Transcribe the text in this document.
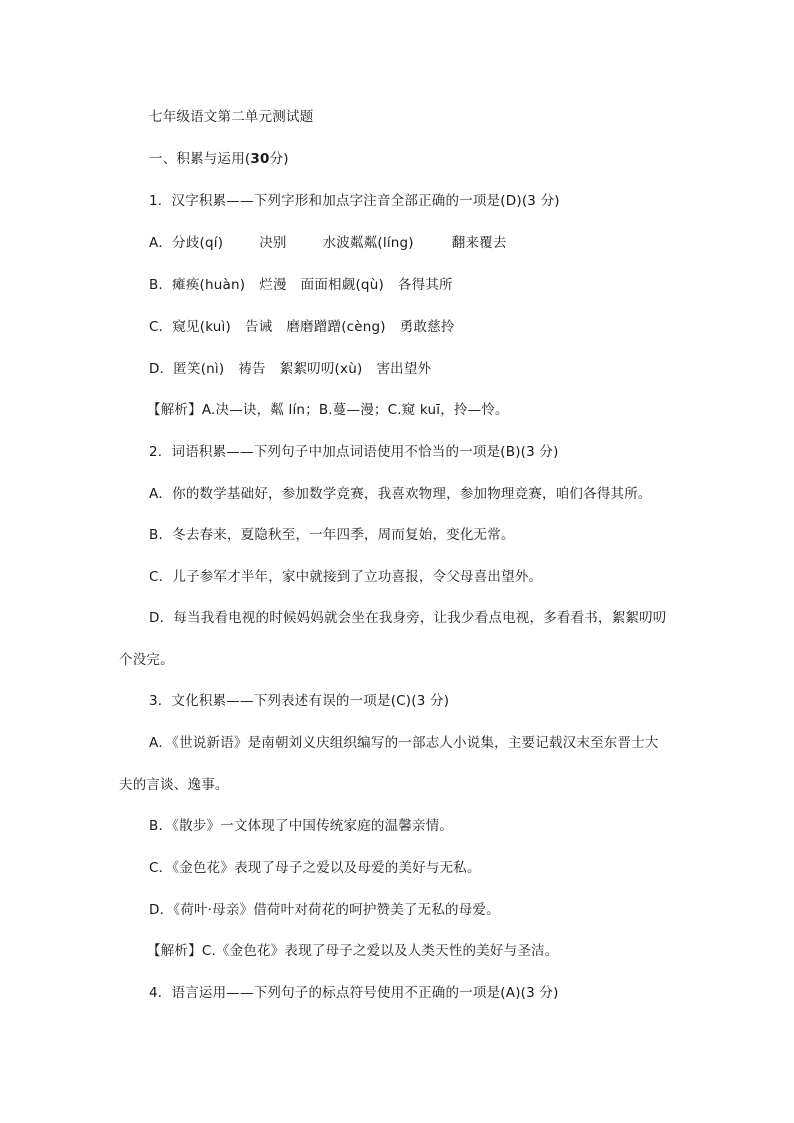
七年级语文第二单元测试题
一、积累与运用(30分)
1．汉字积累——下列字形和加点字注音全部正确的一项是(D)(3 分)
A．分歧(qí)	决别	水波粼粼(líng)	翻来覆去
B．瘫痪(huàn) 烂漫 面面相觑(qù) 各得其所
C．窥见(kuì) 告诫 磨磨蹭蹭(cèng) 勇敢慈拎
D．匿笑(nì) 祷告 絮絮叨叨(xù) 害出望外
【解析】A.决—诀，粼 lín；B.蔓—漫；C.窥 kuī，拎—怜。
2．词语积累——下列句子中加点词语使用不恰当的一项是(B)(3 分)
A．你的数学基础好，参加数学竞赛，我喜欢物理，参加物理竞赛，咱们各得其所。
B．冬去春来，夏隐秋至，一年四季，周而复始，变化无常。
C．儿子参军才半年，家中就接到了立功喜报，令父母喜出望外。
D．每当我看电视的时候妈妈就会坐在我身旁，让我少看点电视，多看看书，絮絮叨叨
个没完。
3．文化积累——下列表述有误的一项是(C)(3 分)
A．《世说新语》是南朝刘义庆组织编写的一部志人小说集，主要记载汉末至东晋士大
夫的言谈、逸事。
B．《散步》一文体现了中国传统家庭的温馨亲情。
C．《金色花》表现了母子之爱以及母爱的美好与无私。
D．《荷叶·母亲》借荷叶对荷花的呵护赞美了无私的母爱。
【解析】C.《金色花》表现了母子之爱以及人类天性的美好与圣洁。
4．语言运用——下列句子的标点符号使用不正确的一项是(A)(3 分)
